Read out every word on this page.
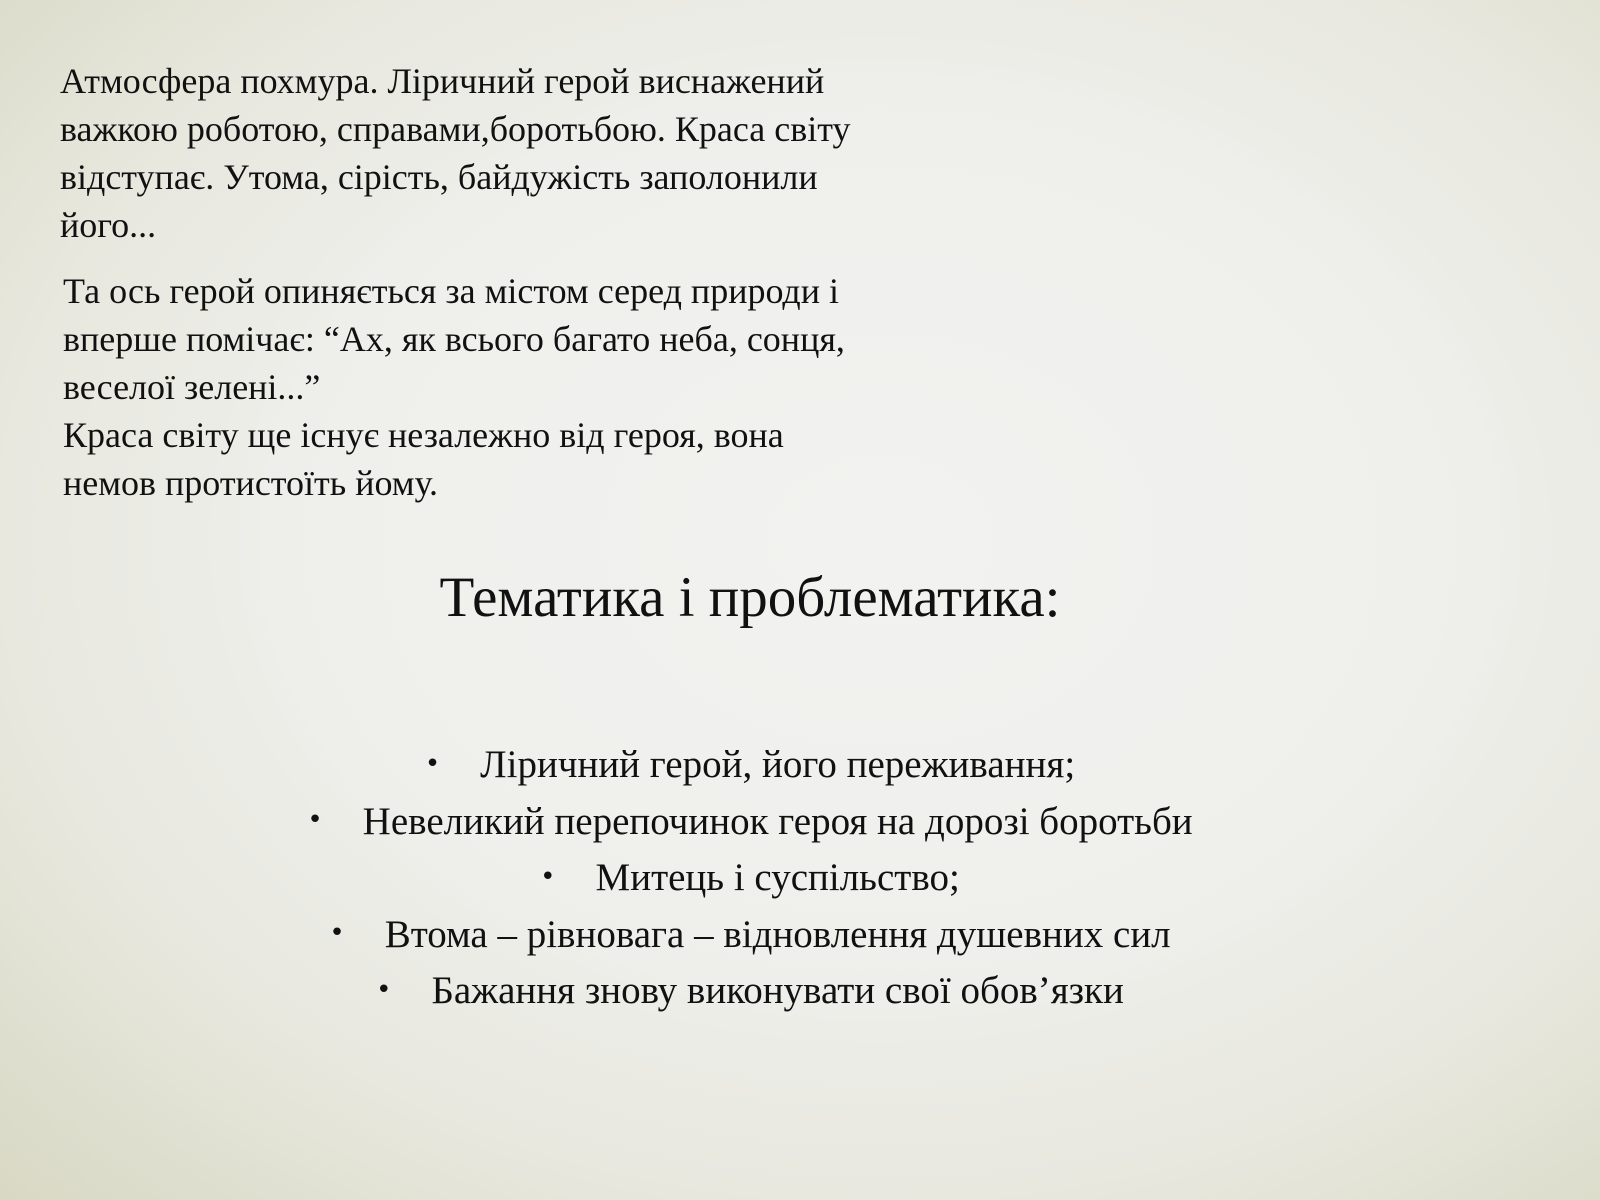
Атмосфера похмура. Ліричний герой виснажений
важкою роботою, справами,боротьбою. Краса світу
відступає. Утома, сірість, байдужість заполонили
його...

Та ось герой опиняється за містом серед природи і
вперше помічає: “Ах, як всього багато неба, сонця,
веселої зелені...”
Краса світу ще існує незалежно від героя, вона
немов протистоїть йому.

Тематика і проблематика:
• Ліричний герой, його переживання;
• Невеликий перепочинок героя на дорозі боротьби
• Митець і суспільство;
• Втома – рівновага – відновлення душевних сил
• Бажання знову виконувати свої обов’язки
